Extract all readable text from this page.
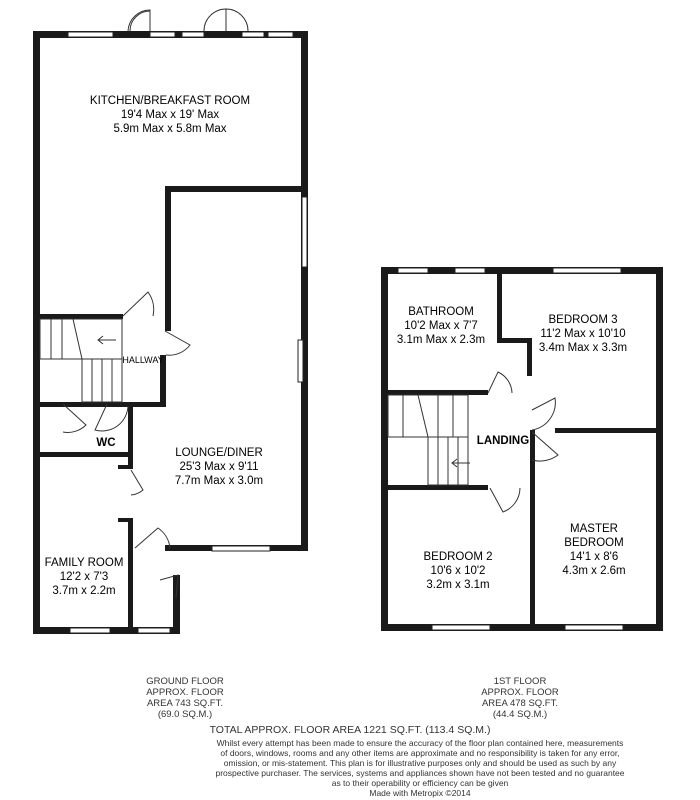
KITCHEN/BREAKFAST ROOM
19'4 Max x 19' Max
5.9m Max x 5.8m Max
HALLWAY
WC
LOUNGE/DINER
25'3 Max x 9'11
7.7m Max x 3.0m
FAMILY ROOM
12'2 x 7'3
3.7m x 2.2m
BATHROOM
10'2 Max x 7'7
3.1m Max x 2.3m
BEDROOM 3
11'2 Max x 10'10
3.4m Max x 3.3m
LANDING
BEDROOM 2
10'6 x 10'2
3.2m x 3.1m
MASTER
BEDROOM
14'1 x 8'6
4.3m x 2.6m
GROUND FLOOR
APPROX. FLOOR
AREA 743 SQ.FT.
(69.0 SQ.M.)
1ST FLOOR
APPROX. FLOOR
AREA 478 SQ.FT.
(44.4 SQ.M.)
TOTAL APPROX. FLOOR AREA 1221 SQ.FT. (113.4 SQ.M.)
Whilst every attempt has been made to ensure the accuracy of the floor plan contained here, measurements
of doors, windows, rooms and any other items are approximate and no responsibility is taken for any error,
omission, or mis-statement. This plan is for illustrative purposes only and should be used as such by any
prospective purchaser. The services, systems and appliances shown have not been tested and no guarantee
as to their operability or efficiency can be given
Made with Metropix ©2014
